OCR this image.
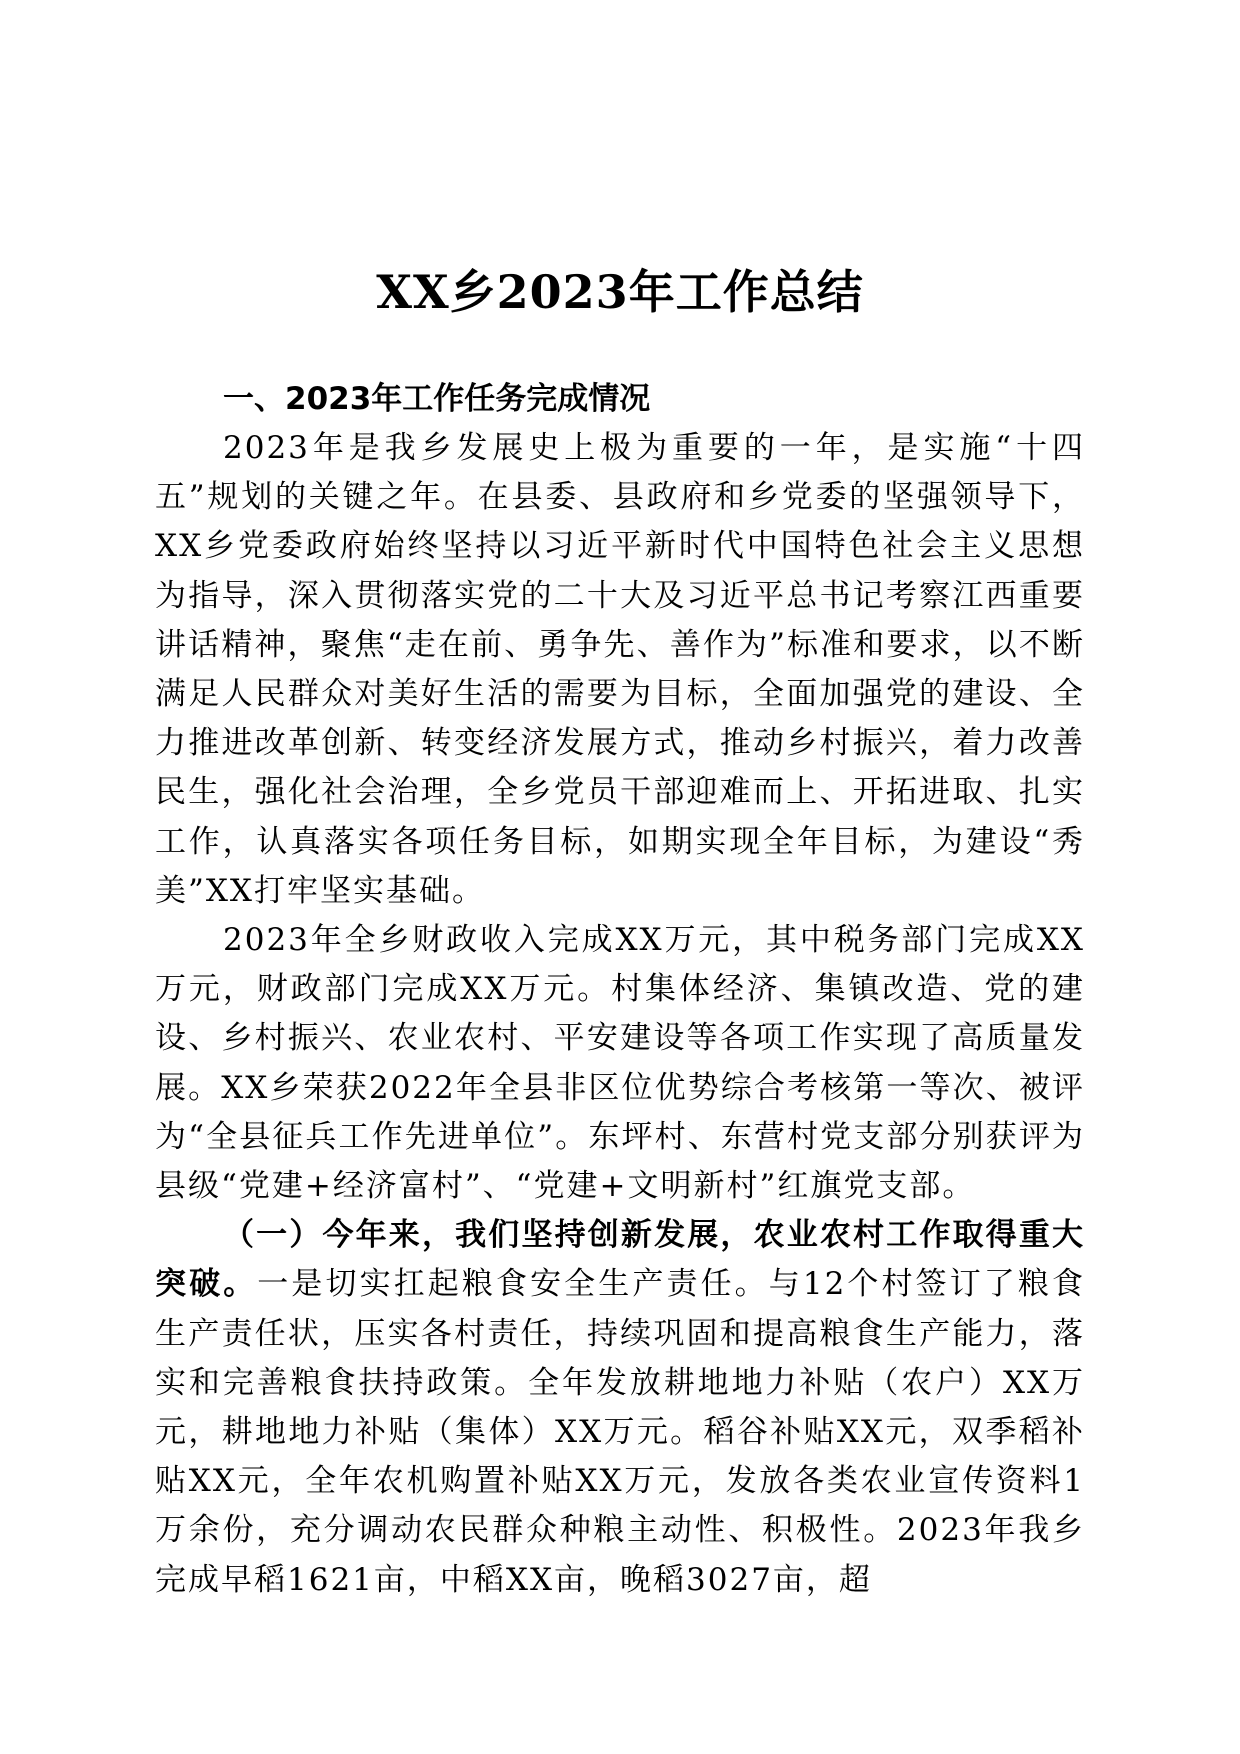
XX乡2023年工作总结

一、2023年工作任务完成情况

2023年是我乡发展史上极为重要的一年，是实施“十四五”规划的关键之年。在县委、县政府和乡党委的坚强领导下，XX乡党委政府始终坚持以习近平新时代中国特色社会主义思想为指导，深入贯彻落实党的二十大及习近平总书记考察江西重要讲话精神，聚焦“走在前、勇争先、善作为”标准和要求，以不断满足人民群众对美好生活的需要为目标，全面加强党的建设、全力推进改革创新、转变经济发展方式，推动乡村振兴，着力改善民生，强化社会治理，全乡党员干部迎难而上、开拓进取、扎实工作，认真落实各项任务目标，如期实现全年目标，为建设“秀美”XX打牢坚实基础。

2023年全乡财政收入完成XX万元，其中税务部门完成XX万元，财政部门完成XX万元。村集体经济、集镇改造、党的建设、乡村振兴、农业农村、平安建设等各项工作实现了高质量发展。XX乡荣获2022年全县非区位优势综合考核第一等次、被评为“全县征兵工作先进单位”。东坪村、东营村党支部分别获评为县级“党建+经济富村”、“党建+文明新村”红旗党支部。

（一）今年来，我们坚持创新发展，农业农村工作取得重大突破。一是切实扛起粮食安全生产责任。与12个村签订了粮食生产责任状，压实各村责任，持续巩固和提高粮食生产能力，落实和完善粮食扶持政策。全年发放耕地地力补贴（农户）XX万元，耕地地力补贴（集体）XX万元。稻谷补贴XX元，双季稻补贴XX元，全年农机购置补贴XX万元，发放各类农业宣传资料1万余份，充分调动农民群众种粮主动性、积极性。2023年我乡完成早稻1621亩，中稻XX亩，晚稻3027亩，超
